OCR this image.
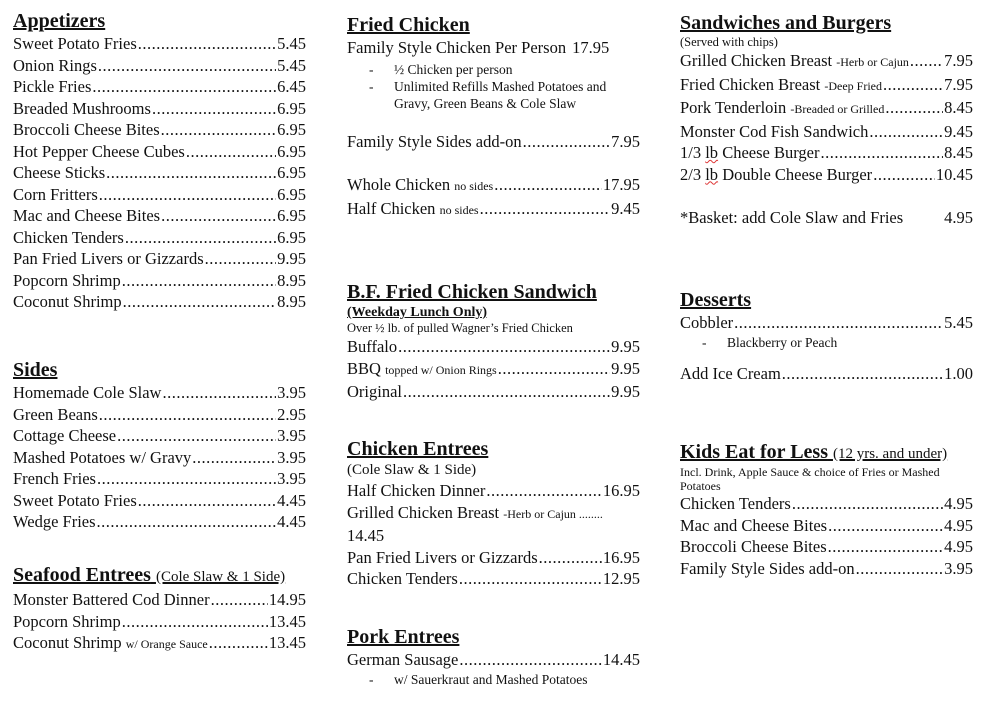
Appetizers
Sweet Potato Fries .....	5.45
Onion Rings .....	5.45
Pickle Fries .....	6.45
Breaded Mushrooms .....	6.95
Broccoli Cheese Bites .....	6.95
Hot Pepper Cheese Cubes .....	6.95
Cheese Sticks .....	6.95
Corn Fritters .....	6.95
Mac and Cheese Bites .....	6.95
Chicken Tenders .....	6.95
Pan Fried Livers or Gizzards .....	9.95
Popcorn Shrimp .....	8.95
Coconut Shrimp .....	8.95
Sides
Homemade Cole Slaw .....	3.95
Green Beans .....	2.95
Cottage Cheese .....	3.95
Mashed Potatoes w/ Gravy .....	3.95
French Fries .....	3.95
Sweet Potato Fries .....	4.45
Wedge Fries .....	4.45
Seafood Entrees (Cole Slaw & 1 Side)
Monster Battered Cod Dinner .....	14.95
Popcorn Shrimp .....	13.45
Coconut Shrimp w/ Orange Sauce .....	13.45
Fried Chicken
Family Style Chicken Per Person 17.95
-	½ Chicken per person
-	Unlimited Refills Mashed Potatoes and Gravy, Green Beans & Cole Slaw
Family Style Sides add-on .....	7.95
Whole Chicken no sides .....	17.95
Half Chicken no sides .....	9.45
B.F. Fried Chicken Sandwich
(Weekday Lunch Only)
Over ½ lb. of pulled Wagner’s Fried Chicken
Buffalo .....	9.95
BBQ topped w/ Onion Rings .....	9.95
Original .....	9.95
Chicken Entrees
(Cole Slaw & 1 Side)
Half Chicken Dinner .....	16.95
Grilled Chicken Breast -Herb or Cajun ........
14.45
Pan Fried Livers or Gizzards .....	16.95
Chicken Tenders .....	12.95
Pork Entrees
German Sausage .....	14.45
-	w/ Sauerkraut and Mashed Potatoes
Sandwiches and Burgers
(Served with chips)
Grilled Chicken Breast -Herb or Cajun ..... 7.95
Fried Chicken Breast -Deep Fried .....	7.95
Pork Tenderloin -Breaded or Grilled .....	8.45
Monster Cod Fish Sandwich .....	9.45
1/3 lb Cheese Burger .....	8.45
2/3 lb Double Cheese Burger .....	10.45
*Basket: add Cole Slaw and Fries 4.95
Desserts
Cobbler .....	5.45
-	Blackberry or Peach
Add Ice Cream .....	1.00
Kids Eat for Less (12 yrs. and under)
Incl. Drink, Apple Sauce & choice of Fries or Mashed Potatoes
Chicken Tenders .....	4.95
Mac and Cheese Bites .....	4.95
Broccoli Cheese Bites .....	4.95
Family Style Sides add-on .....	3.95
